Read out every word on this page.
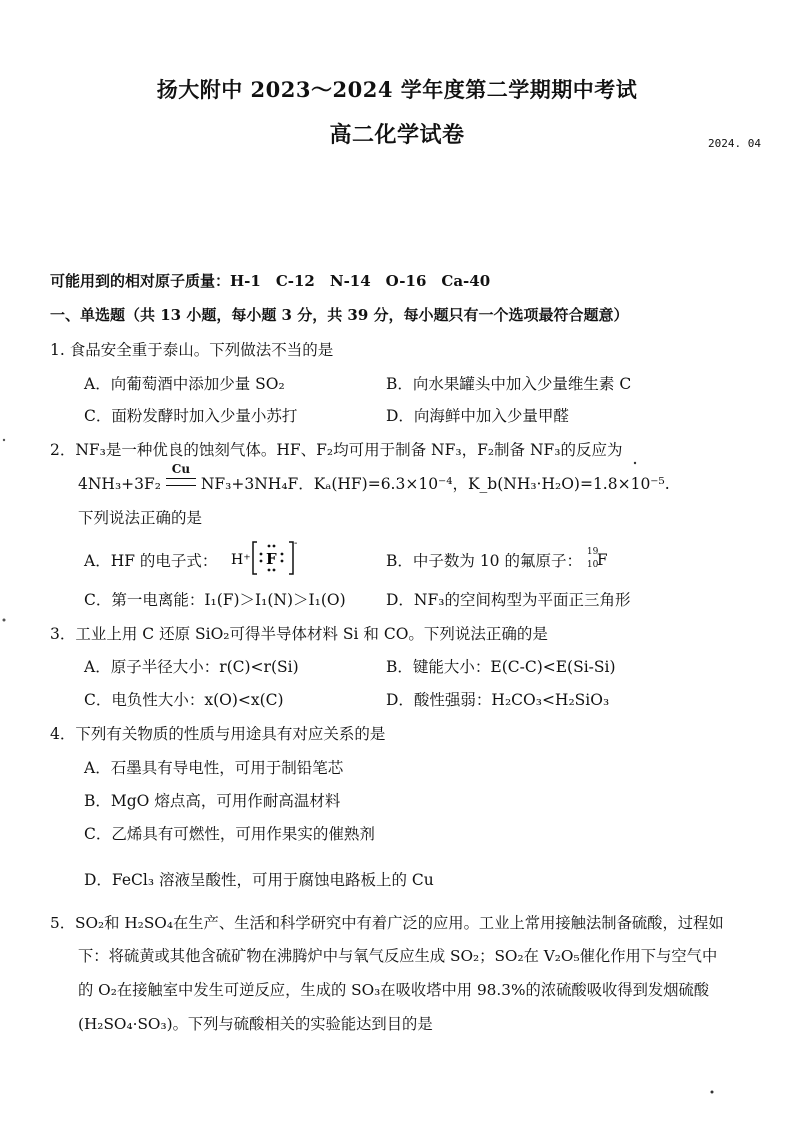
扬大附中 2023～2024 学年度第二学期期中考试
高二化学试卷	2024. 04
可能用到的相对原子质量：H-1　C-12　N-14　O-16　Ca-40
一、单选题（共 13 小题，每小题 3 分，共 39 分，每小题只有一个选项最符合题意）
1. 食品安全重于泰山。下列做法不当的是
A．向葡萄酒中添加少量 SO₂	B．向水果罐头中加入少量维生素 C
C．面粉发酵时加入少量小苏打	D．向海鲜中加入少量甲醛
2．NF₃是一种优良的蚀刻气体。HF、F₂均可用于制备 NF₃，F₂制备 NF₃的反应为
4NH₃+3F₂
Cu
NF₃+3NH₄F．Kₐ(HF)=6.3×10⁻⁴，K_b(NH₃·H₂O)=1.8×10⁻⁵.
下列说法正确的是
A．HF 的电子式： H⁺ F
-
B．中子数为 10 的氟原子： 19
10
F
C．第一电离能：I₁(F)＞I₁(N)＞I₁(O)	D．NF₃的空间构型为平面正三角形
3．工业上用 C 还原 SiO₂可得半导体材料 Si 和 CO。下列说法正确的是
A．原子半径大小：r(C)<r(Si)	B．键能大小：E(C-C)<E(Si-Si)
C．电负性大小：x(O)<x(C)	D．酸性强弱：H₂CO₃<H₂SiO₃
4．下列有关物质的性质与用途具有对应关系的是
A．石墨具有导电性，可用于制铅笔芯
B．MgO 熔点高，可用作耐高温材料
C．乙烯具有可燃性，可用作果实的催熟剂
D．FeCl₃ 溶液呈酸性，可用于腐蚀电路板上的 Cu
5．SO₂和 H₂SO₄在生产、生活和科学研究中有着广泛的应用。工业上常用接触法制备硫酸，过程如
下：将硫黄或其他含硫矿物在沸腾炉中与氧气反应生成 SO₂；SO₂在 V₂O₅催化作用下与空气中
的 O₂在接触室中发生可逆反应，生成的 SO₃在吸收塔中用 98.3%的浓硫酸吸收得到发烟硫酸
(H₂SO₄·SO₃)。下列与硫酸相关的实验能达到目的是
